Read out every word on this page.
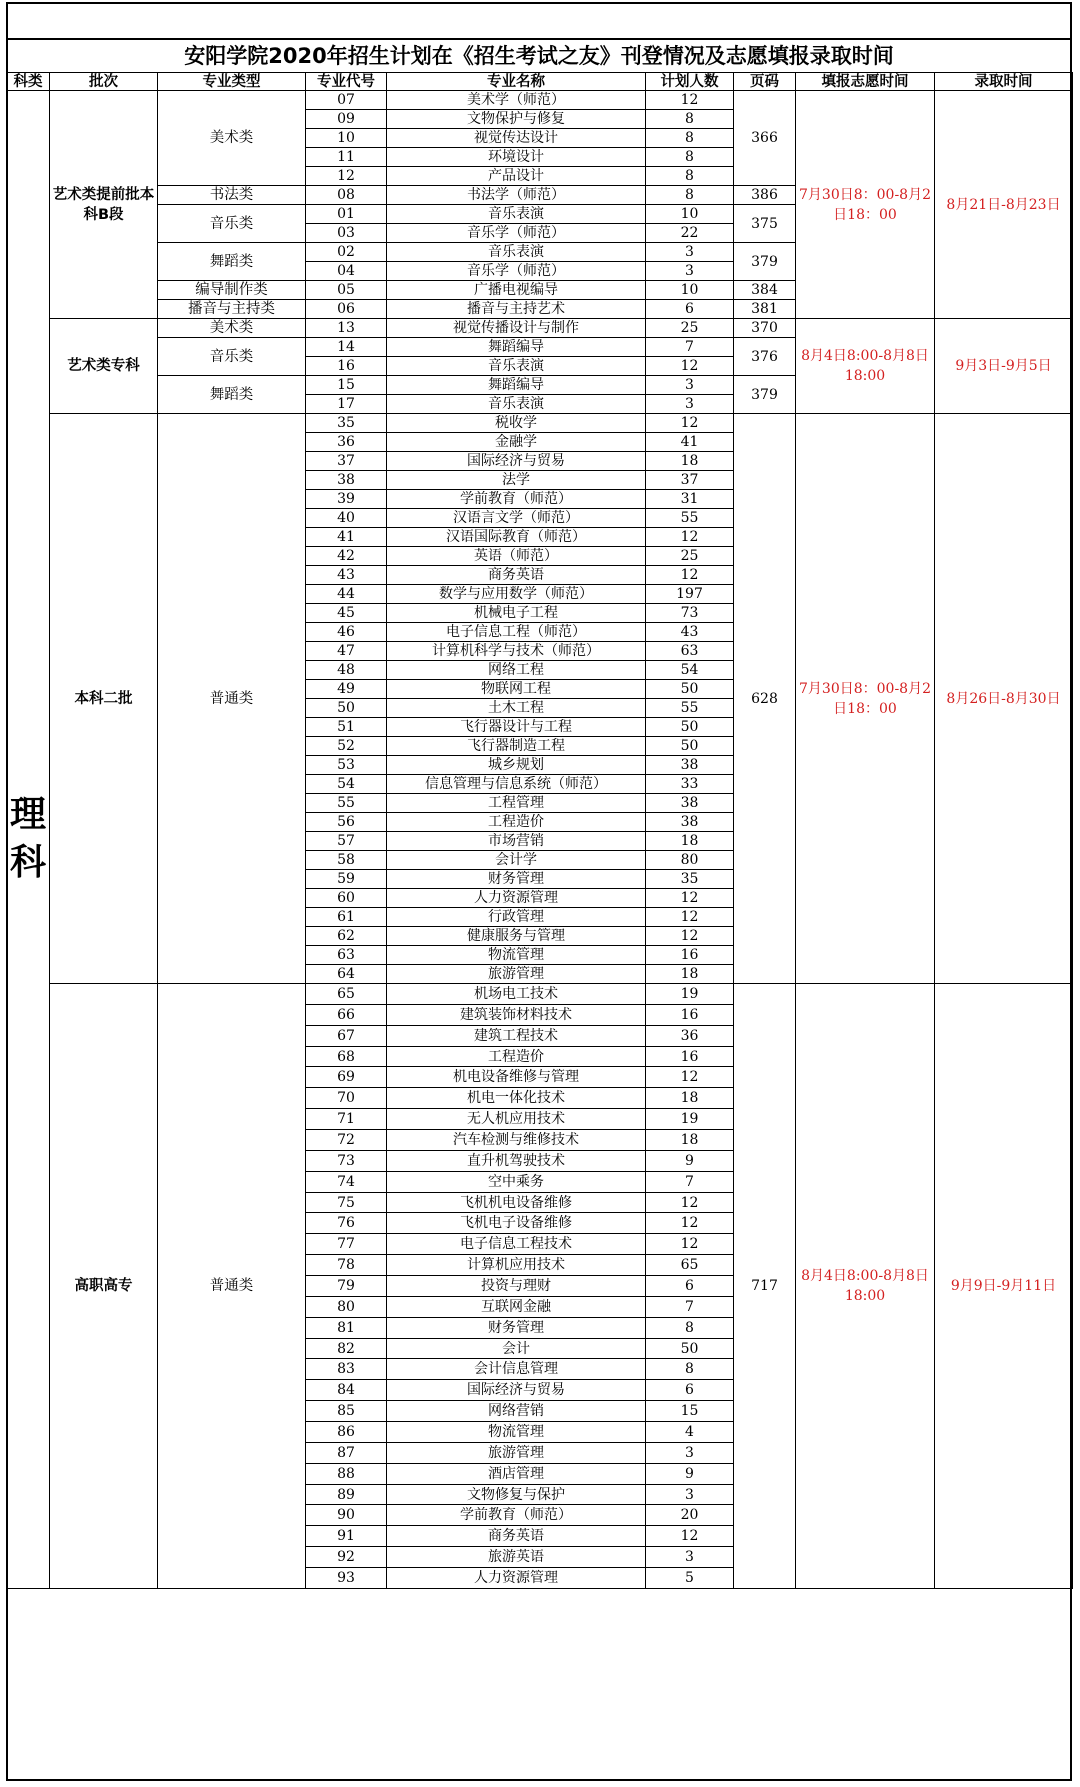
安阳学院2020年招生计划在《招生考试之友》刊登情况及志愿填报录取时间
科类	批次	专业类型	专业代号	专业名称	计划人数	页码	填报志愿时间	录取时间
理科	艺术类提前批本科B段	美术类	07	美术学（师范）	12	366	7月30日8：00-8月2日18：00	8月21日-8月23日
			09	文物保护与修复	8			
			10	视觉传达设计	8			
			11	环境设计	8			
			12	产品设计	8			
		书法类	08	书法学（师范）	8	386		
		音乐类	01	音乐表演	10	375		
			03	音乐学（师范）	22			
		舞蹈类	02	音乐表演	3	379		
			04	音乐学（师范）	3			
		编导制作类	05	广播电视编导	10	384		
		播音与主持类	06	播音与主持艺术	6	381		
	艺术类专科	美术类	13	视觉传播设计与制作	25	370	8月4日8:00-8月8日18:00	9月3日-9月5日
		音乐类	14	舞蹈编导	7	376		
			16	音乐表演	12			
		舞蹈类	15	舞蹈编导	3	379		
			17	音乐表演	3			
	本科二批	普通类	35	税收学	12	628	7月30日8：00-8月2日18：00	8月26日-8月30日
			36	金融学	41			
			37	国际经济与贸易	18			
			38	法学	37			
			39	学前教育（师范）	31			
			40	汉语言文学（师范）	55			
			41	汉语国际教育（师范）	12			
			42	英语（师范）	25			
			43	商务英语	12			
			44	数学与应用数学（师范）	197			
			45	机械电子工程	73			
			46	电子信息工程（师范）	43			
			47	计算机科学与技术（师范）	63			
			48	网络工程	54			
			49	物联网工程	50			
			50	土木工程	55			
			51	飞行器设计与工程	50			
			52	飞行器制造工程	50			
			53	城乡规划	38			
			54	信息管理与信息系统（师范）	33			
			55	工程管理	38			
			56	工程造价	38			
			57	市场营销	18			
			58	会计学	80			
			59	财务管理	35			
			60	人力资源管理	12			
			61	行政管理	12			
			62	健康服务与管理	12			
			63	物流管理	16			
			64	旅游管理	18			
	高职高专	普通类	65	机场电工技术	19	717	8月4日8:00-8月8日18:00	9月9日-9月11日
			66	建筑装饰材料技术	16			
			67	建筑工程技术	36			
			68	工程造价	16			
			69	机电设备维修与管理	12			
			70	机电一体化技术	18			
			71	无人机应用技术	19			
			72	汽车检测与维修技术	18			
			73	直升机驾驶技术	9			
			74	空中乘务	7			
			75	飞机机电设备维修	12			
			76	飞机电子设备维修	12			
			77	电子信息工程技术	12			
			78	计算机应用技术	65			
			79	投资与理财	6			
			80	互联网金融	7			
			81	财务管理	8			
			82	会计	50			
			83	会计信息管理	8			
			84	国际经济与贸易	6			
			85	网络营销	15			
			86	物流管理	4			
			87	旅游管理	3			
			88	酒店管理	9			
			89	文物修复与保护	3			
			90	学前教育（师范）	20			
			91	商务英语	12			
			92	旅游英语	3			
			93	人力资源管理	5			
